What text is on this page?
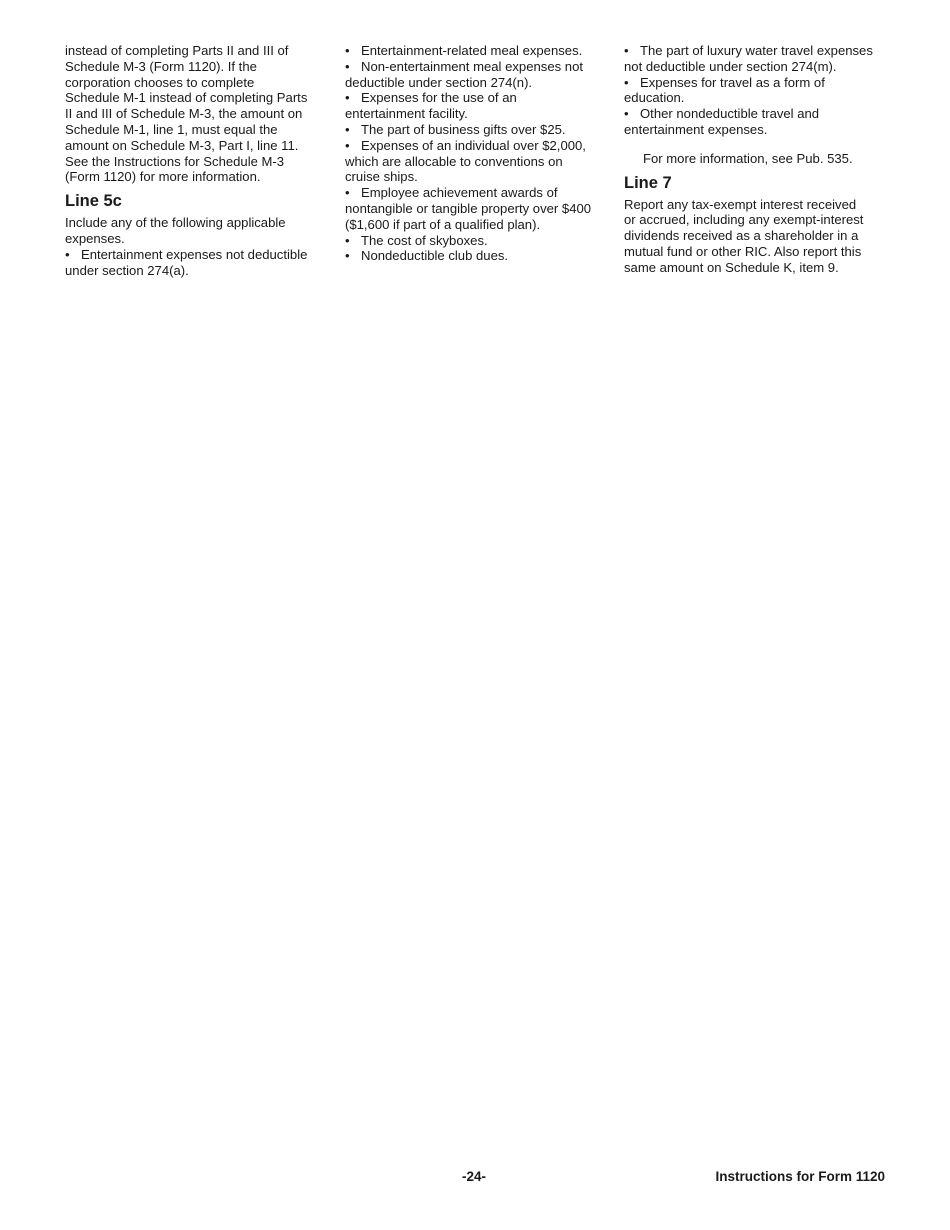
instead of completing Parts II and III of
Schedule M-3 (Form 1120). If the
corporation chooses to complete
Schedule M-1 instead of completing Parts
II and III of Schedule M-3, the amount on
Schedule M-1, line 1, must equal the
amount on Schedule M-3, Part I, line 11.
See the Instructions for Schedule M-3
(Form 1120) for more information.
Line 5c
Include any of the following applicable
expenses.
• Entertainment expenses not deductible
under section 274(a).
• Entertainment-related meal expenses.
• Non-entertainment meal expenses not
deductible under section 274(n).
• Expenses for the use of an
entertainment facility.
• The part of business gifts over $25.
• Expenses of an individual over $2,000,
which are allocable to conventions on
cruise ships.
• Employee achievement awards of
nontangible or tangible property over $400
($1,600 if part of a qualified plan).
• The cost of skyboxes.
• Nondeductible club dues.
• The part of luxury water travel expenses
not deductible under section 274(m).
• Expenses for travel as a form of
education.
• Other nondeductible travel and
entertainment expenses.
For more information, see Pub. 535.
Line 7
Report any tax-exempt interest received
or accrued, including any exempt-interest
dividends received as a shareholder in a
mutual fund or other RIC. Also report this
same amount on Schedule K, item 9.
-24-	Instructions for Form 1120
